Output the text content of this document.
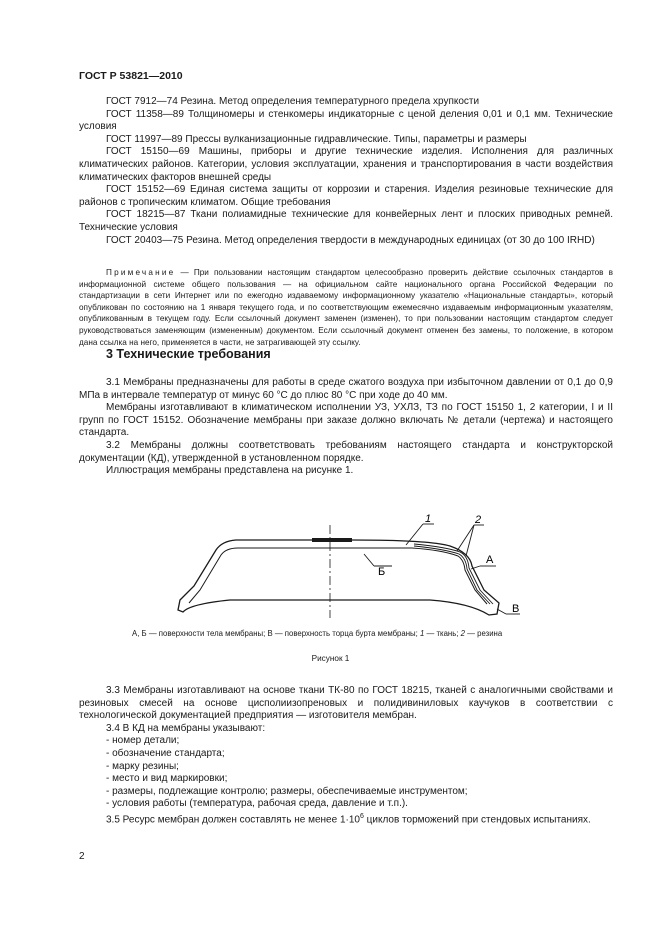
ГОСТ Р 53821—2010

ГОСТ 7912—74 Резина. Метод определения температурного предела хрупкости

ГОСТ 11358—89 Толщиномеры и стенкомеры индикаторные с ценой деления 0,01 и 0,1 мм. Технические условия

ГОСТ 11997—89 Прессы вулканизационные гидравлические. Типы, параметры и размеры

ГОСТ 15150—69 Машины, приборы и другие технические изделия. Исполнения для различных климатических районов. Категории, условия эксплуатации, хранения и транспортирования в части воздействия климатических факторов внешней среды

ГОСТ 15152—69 Единая система защиты от коррозии и старения. Изделия резиновые технические для районов с тропическим климатом. Общие требования

ГОСТ 18215—87 Ткани полиамидные технические для конвейерных лент и плоских приводных ремней. Технические условия

ГОСТ 20403—75 Резина. Метод определения твердости в международных единицах (от 30 до 100 IRHD)

Примечание — При пользовании настоящим стандартом целесообразно проверить действие ссылочных стандартов в информационной системе общего пользования — на официальном сайте национального органа Российской Федерации по стандартизации в сети Интернет или по ежегодно издаваемому информационному указателю «Национальные стандарты», который опубликован по состоянию на 1 января текущего года, и по соответствующим ежемесячно издаваемым информационным указателям, опубликованным в текущем году. Если ссылочный документ заменен (изменен), то при пользовании настоящим стандартом следует руководствоваться заменяющим (измененным) документом. Если ссылочный документ отменен без замены, то положение, в котором дана ссылка на него, применяется в части, не затрагивающей эту ссылку.

3 Технические требования

3.1 Мембраны предназначены для работы в среде сжатого воздуха при избыточном давлении от 0,1 до 0,9 МПа в интервале температур от минус 60 °С до плюс 80 °С при ходе до 40 мм.

Мембраны изготавливают в климатическом исполнении УЗ, УХЛЗ, ТЗ по ГОСТ 15150 1, 2 категории, I и II групп по ГОСТ 15152. Обозначение мембраны при заказе должно включать № детали (чертежа) и настоящего стандарта.

3.2 Мембраны должны соответствовать требованиям настоящего стандарта и конструкторской документации (КД), утвержденной в установленном порядке.

Иллюстрация мембраны представлена на рисунке 1.

1	2
А
Б
В
А, Б — поверхности тела мембраны; В — поверхность торца бурта мембраны; 1 — ткань; 2 — резина
Рисунок 1

3.3 Мембраны изготавливают на основе ткани ТК-80 по ГОСТ 18215, тканей с аналогичными свойствами и резиновых смесей на основе цисполиизопреновых и полидивиниловых каучуков в соответствии с технологической документацией предприятия — изготовителя мембран.

3.4 В КД на мембраны указывают:

- номер детали;
- обозначение стандарта;
- марку резины;
- место и вид маркировки;
- размеры, подлежащие контролю; размеры, обеспечиваемые инструментом;
- условия работы (температура, рабочая среда, давление и т.п.).

3.5 Ресурс мембран должен составлять не менее $1\cdot 10^6$ циклов торможений при стендовых испытаниях.

2
